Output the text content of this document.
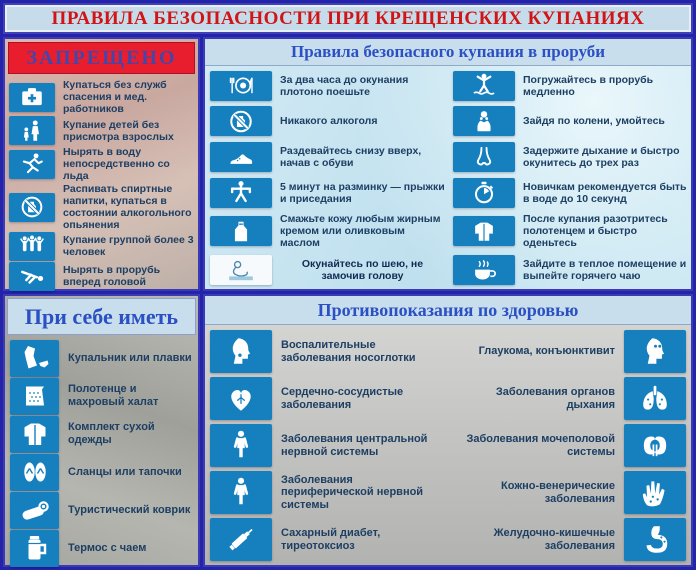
ПРАВИЛА БЕЗОПАСНОСТИ ПРИ КРЕЩЕНСКИХ КУПАНИЯХ
ЗАПРЕЩЕНО
Купаться без служб спасения и мед. работников
Купание детей без присмотра взрослых
Нырять в воду непосредственно со льда
Распивать спиртные напитки, купаться в состоянии алкогольного опьянения
Купание группой более 3 человек
Нырять в прорубь вперед головой
Правила безопасного купания в проруби
За два часа до окунания плотоно поешьте
Никакого алкоголя
Раздевайтесь снизу вверх, начав с обуви
5 минут на разминку — прыжки и приседания
Смажьте кожу любым жирным кремом или оливковым маслом
Окунайтесь по шею, не замочив голову
Погружайтесь в прорубь медленно
Зайдя по колени, умойтесь
Задержите дыхание и быстро окунитесь до трех раз
Новичкам рекомендуется быть в воде до 10 секунд
После купания разотритесь полотенцем и быстро оденьтесь
Зайдите в теплое помещение и выпейте горячего чаю
При себе иметь
Купальник или плавки
Полотенце и махровый халат
Комплект сухой одежды
Сланцы или тапочки
Туристический коврик
Термос с чаем
Противопоказания по здоровью
Воспалительные заболевания носоглотки
Сердечно-сосудистые заболевания
Заболевания центральной нервной системы
Заболевания периферической нервной системы
Сахарный диабет, тиреотоксиоз
Глаукома, конъюнктивит
Заболевания органов дыхания
Заболевания мочеполовой системы
Кожно-венерические заболевания
Желудочно-кишечные заболевания
